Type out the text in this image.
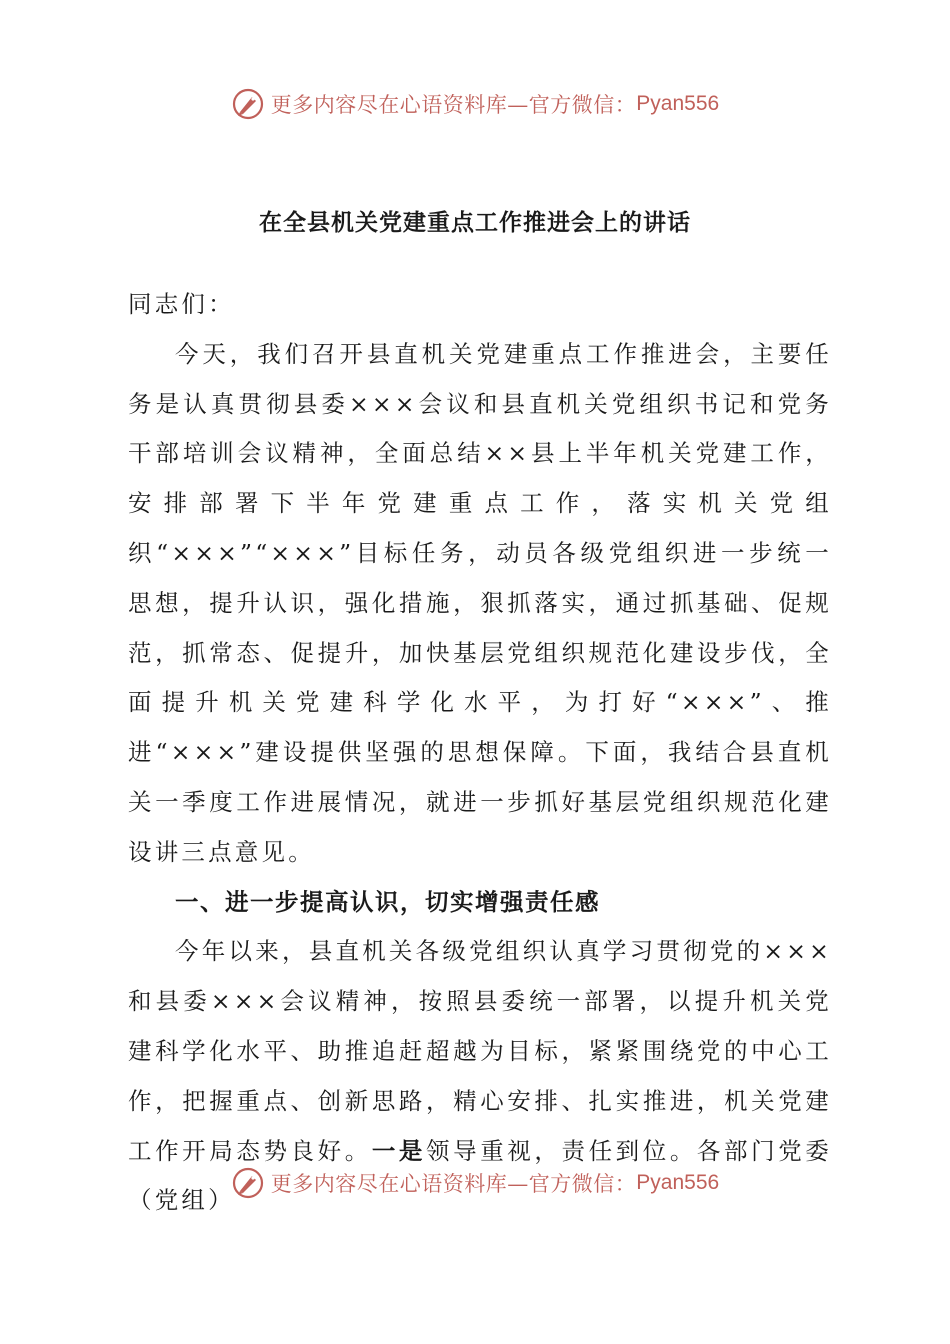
更多内容尽在心语资料库—官方微信： Pyan556
在全县机关党建重点工作推进会上的讲话

同志们：

今天，我们召开县直机关党建重点工作推进会，主要任务是认真贯彻县委×××会议和县直机关党组织书记和党务干部培训会议精神，全面总结××县上半年机关党建工作，安排部署下半年党建重点工作，落实机关党组织“×××”“×××”目标任务，动员各级党组织进一步统一思想，提升认识，强化措施，狠抓落实，通过抓基础、促规范，抓常态、促提升，加快基层党组织规范化建设步伐，全面提升机关党建科学化水平，为打好“×××”、推进“×××”建设提供坚强的思想保障。下面，我结合县直机关一季度工作进展情况，就进一步抓好基层党组织规范化建设讲三点意见。

一、进一步提高认识，切实增强责任感

今年以来，县直机关各级党组织认真学习贯彻党的×××和县委×××会议精神，按照县委统一部署，以提升机关党建科学化水平、助推追赶超越为目标，紧紧围绕党的中心工作，把握重点、创新思路，精心安排、扎实推进，机关党建工作开局态势良好。一是领导重视，责任到位。各部门党委（党组）

更多内容尽在心语资料库—官方微信： Pyan556
